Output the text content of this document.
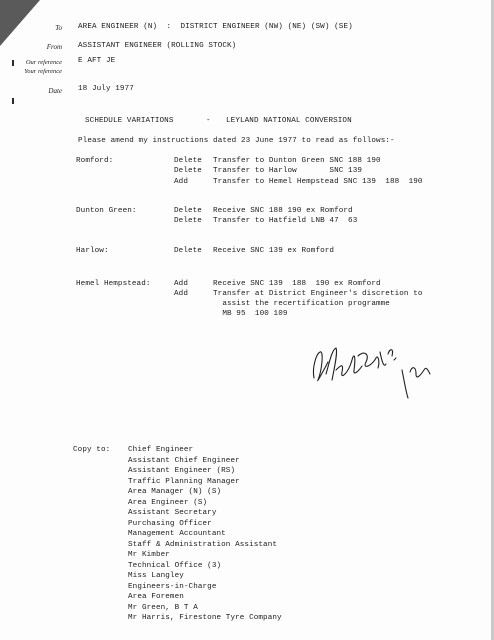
To AREA ENGINEER (N)  :  DISTRICT ENGINEER (NW) (NE) (SW) (SE)
From ASSISTANT ENGINEER (ROLLING STOCK)
Our reference E AFT JE
Your reference
Date 18 July 1977
SCHEDULE VARIATIONS	- LEYLAND NATIONAL CONVERSION
Please amend my instructions dated 23 June 1977 to read as follows:-
Romford:	Delete Transfer to Dunton Green SNC 188 190
Delete Transfer to Harlow       SNC 139
Add	Transfer to Hemel Hempstead SNC 139  188  190
Dunton Green:	Delete Receive SNC 188 190 ex Romford
Delete Transfer to Hatfield LNB 47  63
Harlow:	Delete Receive SNC 139 ex Romford
Hemel Hempstead:	Add	Receive SNC 139  188  190 ex Romford
Add	Transfer at District Engineer's discretion to
assist the recertification programme
MB 95  100 109
Copy to: Chief Engineer
Assistant Chief Engineer
Assistant Engineer (RS)
Traffic Planning Manager
Area Manager (N) (S)
Area Engineer (S)
Assistant Secretary
Purchasing Officer
Management Accountant
Staff & Administration Assistant
Mr Kimber
Technical Office (3)
Miss Langley
Engineers-in-Charge
Area Foremen
Mr Green, B T A
Mr Harris, Firestone Tyre Company
